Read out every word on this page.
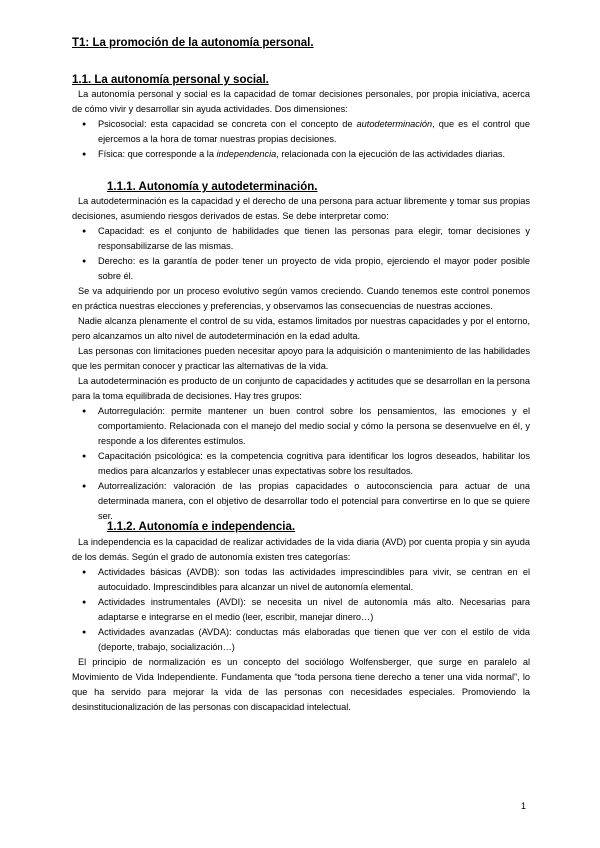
T1: La promoción de la autonomía personal.
1.1. La autonomía personal y social.

La autonomía personal y social es la capacidad de tomar decisiones personales, por propia iniciativa, acerca de cómo vivir y desarrollar sin ayuda actividades. Dos dimensiones:

● Psicosocial: esta capacidad se concreta con el concepto de autodeterminación, que es el control que ejercemos a la hora de tomar nuestras propias decisiones.
● Física: que corresponde a la independencia, relacionada con la ejecución de las actividades diarias.
1.1.1. Autonomía y autodeterminación.

La autodeterminación es la capacidad y el derecho de una persona para actuar libremente y tomar sus propias decisiones, asumiendo riesgos derivados de estas. Se debe interpretar como:

● Capacidad: es el conjunto de habilidades que tienen las personas para elegir, tomar decisiones y responsabilizarse de las mismas.
● Derecho: es la garantía de poder tener un proyecto de vida propio, ejerciendo el mayor poder posible sobre él.

Se va adquiriendo por un proceso evolutivo según vamos creciendo. Cuando tenemos este control ponemos en práctica nuestras elecciones y preferencias, y observamos las consecuencias de nuestras acciones.

Nadie alcanza plenamente el control de su vida, estamos limitados por nuestras capacidades y por el entorno, pero alcanzamos un alto nivel de autodeterminación en la edad adulta.

Las personas con limitaciones pueden necesitar apoyo para la adquisición o mantenimiento de las habilidades que les permitan conocer y practicar las alternativas de la vida.

La autodeterminación es producto de un conjunto de capacidades y actitudes que se desarrollan en la persona para la toma equilibrada de decisiones. Hay tres grupos:

● Autorregulación: permite mantener un buen control sobre los pensamientos, las emociones y el comportamiento. Relacionada con el manejo del medio social y cómo la persona se desenvuelve en él, y responde a los diferentes estímulos.
● Capacitación psicológica: es la competencia cognitiva para identificar los logros deseados, habilitar los medios para alcanzarlos y establecer unas expectativas sobre los resultados.
● Autorrealización: valoración de las propias capacidades o autoconsciencia para actuar de una determinada manera, con el objetivo de desarrollar todo el potencial para convertirse en lo que se quiere ser.
1.1.2. Autonomía e independencia.

La independencia es la capacidad de realizar actividades de la vida diaria (AVD) por cuenta propia y sin ayuda de los demás. Según el grado de autonomía existen tres categorías:

● Actividades básicas (AVDB): son todas las actividades imprescindibles para vivir, se centran en el autocuidado. Imprescindibles para alcanzar un nivel de autonomía elemental.
● Actividades instrumentales (AVDI): se necesita un nivel de autonomía más alto. Necesarias para adaptarse e integrarse en el medio (leer, escribir, manejar dinero…)
● Actividades avanzadas (AVDA): conductas más elaboradas que tienen que ver con el estilo de vida (deporte, trabajo, socialización…)

El principio de normalización es un concepto del sociólogo Wolfensberger, que surge en paralelo al Movimiento de Vida Independiente. Fundamenta que “toda persona tiene derecho a tener una vida normal”, lo que ha servido para mejorar la vida de las personas con necesidades especiales. Promoviendo la desinstitucionalización de las personas con discapacidad intelectual.

1
